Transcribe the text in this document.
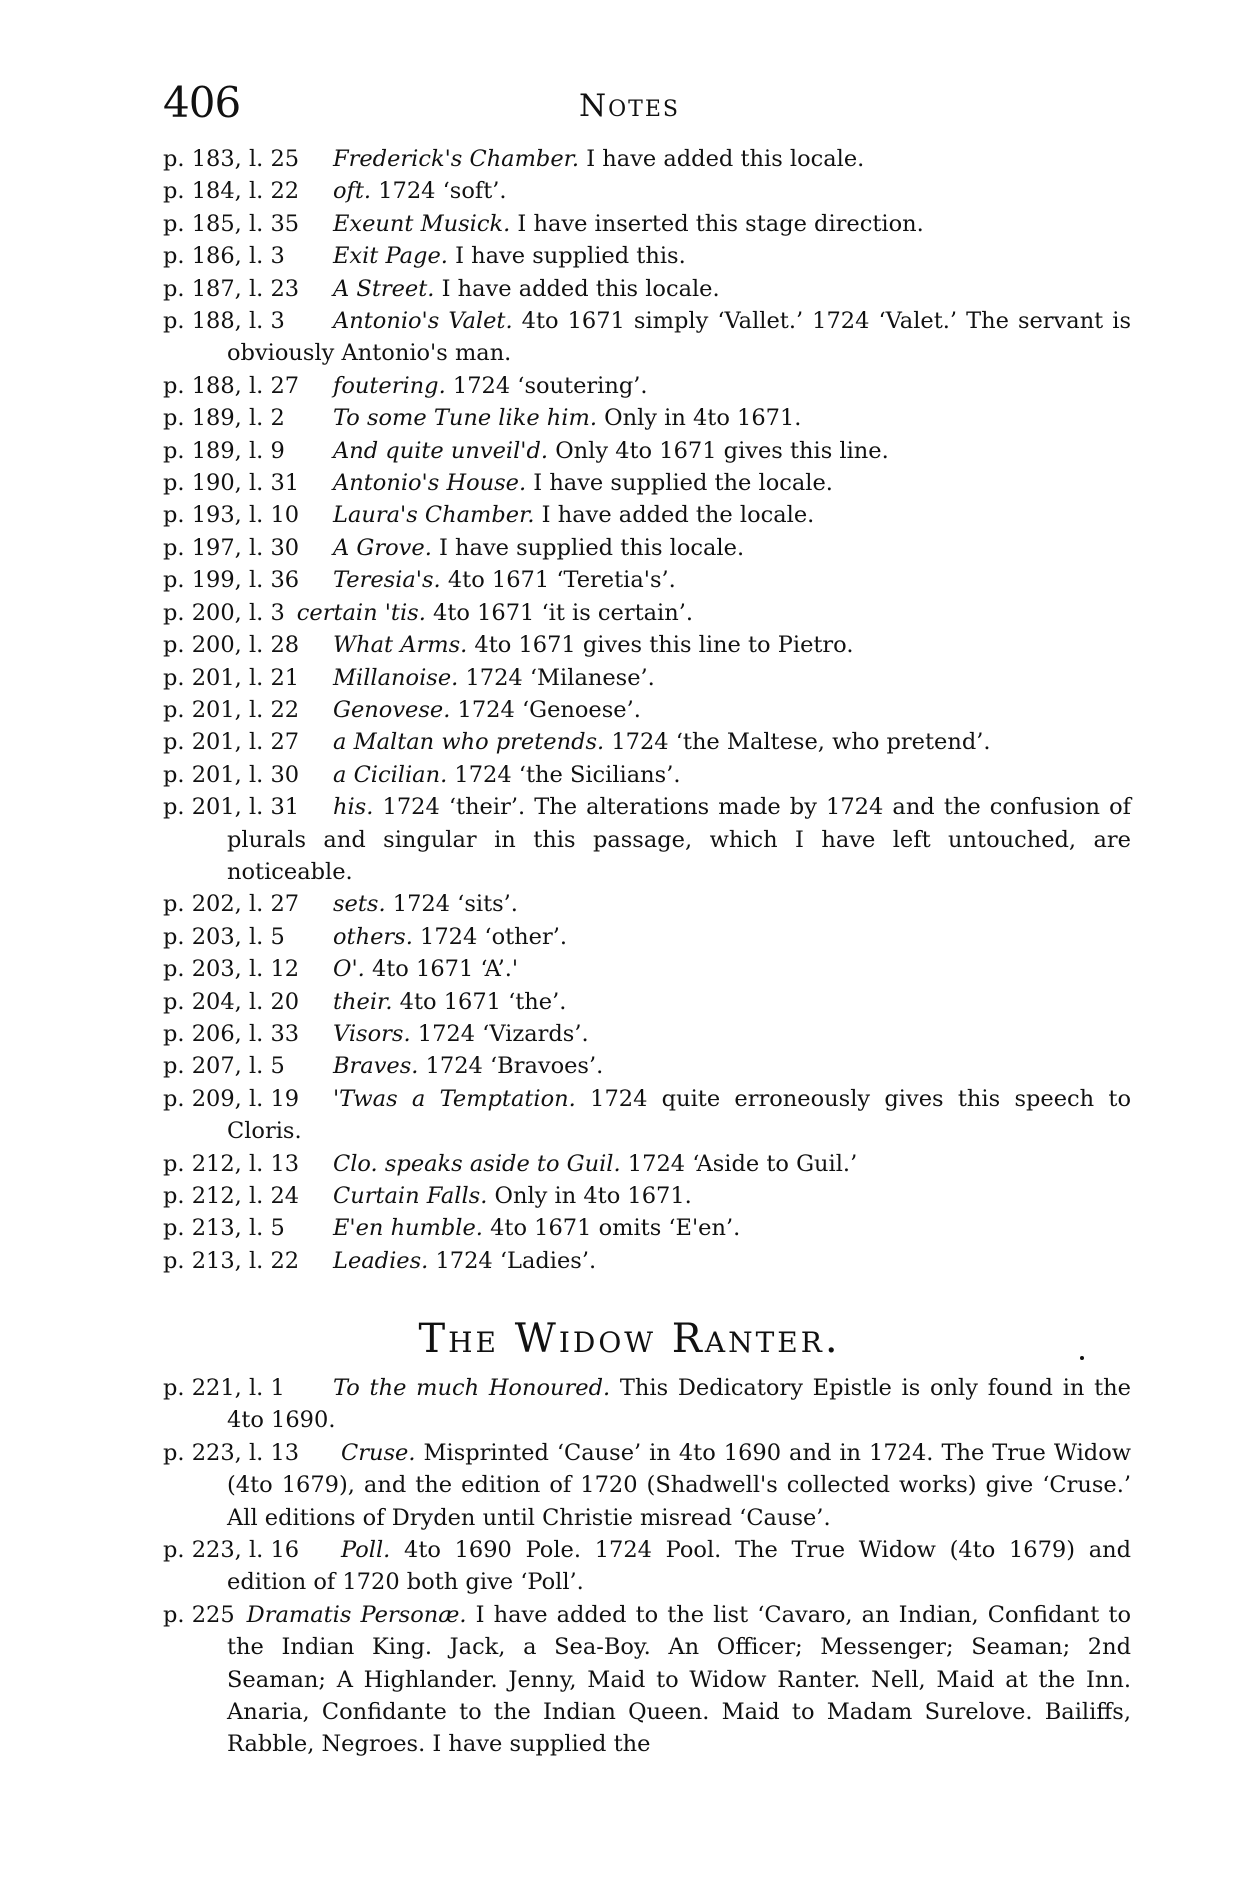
406	Notes
p. 183, l. 25 Frederick's Chamber. I have added this locale.
p. 184, l. 22 oft. 1724 ‘soft’.
p. 185, l. 35 Exeunt Musick. I have inserted this stage direction.
p. 186, l. 3 Exit Page. I have supplied this.
p. 187, l. 23 A Street. I have added this locale.
p. 188, l. 3 Antonio's Valet. 4to 1671 simply ‘Vallet.’ 1724 ‘Valet.’ The servant is obviously Antonio's man.
p. 188, l. 27 foutering. 1724 ‘soutering’.
p. 189, l. 2 To some Tune like him. Only in 4to 1671.
p. 189, l. 9 And quite unveil'd. Only 4to 1671 gives this line.
p. 190, l. 31 Antonio's House. I have supplied the locale.
p. 193, l. 10 Laura's Chamber. I have added the locale.
p. 197, l. 30 A Grove. I have supplied this locale.
p. 199, l. 36 Teresia's. 4to 1671 ‘Teretia's’.
p. 200, l. 3 certain 'tis. 4to 1671 ‘it is certain’.
p. 200, l. 28 What Arms. 4to 1671 gives this line to Pietro.
p. 201, l. 21 Millanoise. 1724 ‘Milanese’.
p. 201, l. 22 Genovese. 1724 ‘Genoese’.
p. 201, l. 27 a Maltan who pretends. 1724 ‘the Maltese, who pretend’.
p. 201, l. 30 a Cicilian. 1724 ‘the Sicilians’.
p. 201, l. 31 his. 1724 ‘their’. The alterations made by 1724 and the confusion of plurals and singular in this passage, which I have left untouched, are noticeable.
p. 202, l. 27 sets. 1724 ‘sits’.
p. 203, l. 5 others. 1724 ‘other’.
p. 203, l. 12 O'. 4to 1671 ‘A’.'
p. 204, l. 20 their. 4to 1671 ‘the’.
p. 206, l. 33 Visors. 1724 ‘Vizards’.
p. 207, l. 5 Braves. 1724 ‘Bravoes’.
p. 209, l. 19 'Twas a Temptation. 1724 quite erroneously gives this speech to Cloris.
p. 212, l. 13 Clo. speaks aside to Guil. 1724 ‘Aside to Guil.’
p. 212, l. 24 Curtain Falls. Only in 4to 1671.
p. 213, l. 5 E'en humble. 4to 1671 omits ‘E'en’.
p. 213, l. 22 Leadies. 1724 ‘Ladies’.
The Widow Ranter.
p. 221, l. 1 To the much Honoured. This Dedicatory Epistle is only found in the 4to 1690.
p. 223, l. 13 Cruse. Misprinted ‘Cause’ in 4to 1690 and in 1724. The True Widow (4to 1679), and the edition of 1720 (Shadwell's collected works) give ‘Cruse.’ All editions of Dryden until Christie misread ‘Cause’.
p. 223, l. 16 Poll. 4to 1690 Pole. 1724 Pool. The True Widow (4to 1679) and edition of 1720 both give ‘Poll’.
p. 225 Dramatis Personæ. I have added to the list ‘Cavaro, an Indian, Confidant to the Indian King. Jack, a Sea-Boy. An Officer; Messenger; Seaman; 2nd Seaman; A Highlander. Jenny, Maid to Widow Ranter. Nell, Maid at the Inn. Anaria, Confidante to the Indian Queen. Maid to Madam Surelove. Bailiffs, Rabble, Negroes. I have supplied the
